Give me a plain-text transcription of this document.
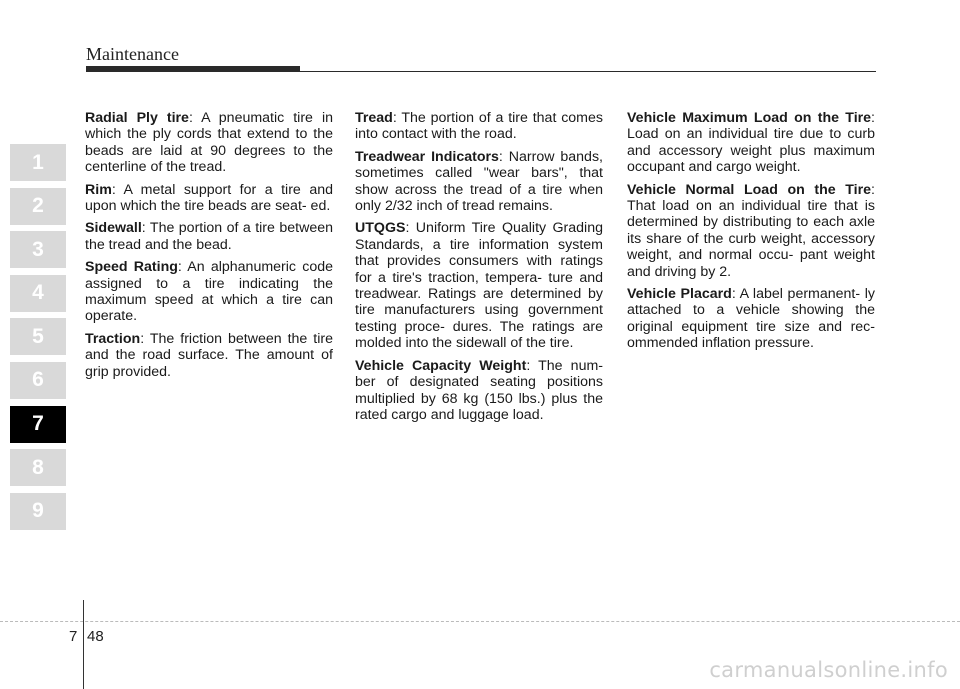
Maintenance
1
2
3
4
5
6
7
8
9

Radial Ply tire: A pneumatic tire in which the ply cords that extend to the beads are laid at 90 degrees to the centerline of the tread.

Rim: A metal support for a tire and upon which the tire beads are seat- ed.

Sidewall: The portion of a tire between the tread and the bead.

Speed Rating: An alphanumeric code assigned to a tire indicating the maximum speed at which a tire can operate.

Traction: The friction between the tire and the road surface. The amount of grip provided.

Tread: The portion of a tire that comes into contact with the road.

Treadwear Indicators: Narrow bands, sometimes called "wear bars", that show across the tread of a tire when only 2/32 inch of tread remains.

UTQGS: Uniform Tire Quality Grading Standards, a tire information system that provides consumers with ratings for a tire's traction, tempera- ture and treadwear. Ratings are determined by tire manufacturers using government testing proce- dures. The ratings are molded into the sidewall of the tire.

Vehicle Capacity Weight: The num- ber of designated seating positions multiplied by 68 kg (150 lbs.) plus the rated cargo and luggage load.

Vehicle Maximum Load on the Tire: Load on an individual tire due to curb and accessory weight plus maximum occupant and cargo weight.

Vehicle Normal Load on the Tire: That load on an individual tire that is determined by distributing to each axle its share of the curb weight, accessory weight, and normal occu- pant weight and driving by 2.

Vehicle Placard: A label permanent- ly attached to a vehicle showing the original equipment tire size and rec- ommended inflation pressure.

7 48
carmanualsonline.info
